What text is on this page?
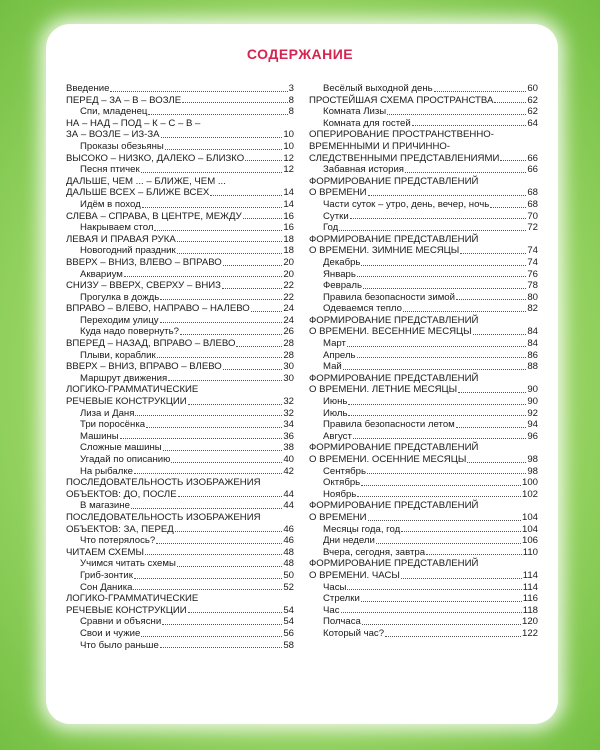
СОДЕРЖАНИЕ
Введение	3
ПЕРЕД – ЗА – В – ВОЗЛЕ	8
Спи, младенец	8
НА – НАД – ПОД – К – С – В –
ЗА – ВОЗЛЕ – ИЗ-ЗА	10
Проказы обезьяны	10
ВЫСОКО – НИЗКО, ДАЛЕКО – БЛИЗКО	12
Песня птичек	12
ДАЛЬШЕ, ЧЕМ ... – БЛИЖЕ, ЧЕМ ...
ДАЛЬШЕ ВСЕХ – БЛИЖЕ ВСЕХ	14
Идём в поход	14
СЛЕВА – СПРАВА, В ЦЕНТРЕ, МЕЖДУ	16
Накрываем стол	16
ЛЕВАЯ И ПРАВАЯ РУКА	18
Новогодний праздник	18
ВВЕРХ – ВНИЗ, ВЛЕВО – ВПРАВО	20
Аквариум	20
СНИЗУ – ВВЕРХ, СВЕРХУ – ВНИЗ	22
Прогулка в дождь	22
ВПРАВО – ВЛЕВО, НАПРАВО – НАЛЕВО	24
Переходим улицу	24
Куда надо повернуть?	26
ВПЕРЕД – НАЗАД, ВПРАВО – ВЛЕВО	28
Плыви, кораблик	28
ВВЕРХ – ВНИЗ, ВПРАВО – ВЛЕВО	30
Маршрут движения	30
ЛОГИКО-ГРАММАТИЧЕСКИЕ
РЕЧЕВЫЕ КОНСТРУКЦИИ	32
Лиза и Даня	32
Три поросёнка	34
Машины	36
Сложные машины	38
Угадай по описанию	40
На рыбалке	42
ПОСЛЕДОВАТЕЛЬНОСТЬ ИЗОБРАЖЕНИЯ
ОБЪЕКТОВ: ДО, ПОСЛЕ	44
В магазине	44
ПОСЛЕДОВАТЕЛЬНОСТЬ ИЗОБРАЖЕНИЯ
ОБЪЕКТОВ: ЗА, ПЕРЕД	46
Что потерялось?	46
ЧИТАЕМ СХЕМЫ	48
Учимся читать схемы	48
Гриб-зонтик	50
Сон Даника	52
ЛОГИКО-ГРАММАТИЧЕСКИЕ
РЕЧЕВЫЕ КОНСТРУКЦИИ	54
Сравни и объясни	54
Свои и чужие	56
Что было раньше	58
Весёлый выходной день	60
ПРОСТЕЙШАЯ СХЕМА ПРОСТРАНСТВА	62
Комната Лизы	62
Комната для гостей	64
ОПЕРИРОВАНИЕ ПРОСТРАНСТВЕННО-
ВРЕМЕННЫМИ И ПРИЧИННО-
СЛЕДСТВЕННЫМИ ПРЕДСТАВЛЕНИЯМИ	66
Забавная история	66
ФОРМИРОВАНИЕ ПРЕДСТАВЛЕНИЙ
О ВРЕМЕНИ	68
Части суток – утро, день, вечер, ночь	68
Сутки	70
Год	72
ФОРМИРОВАНИЕ ПРЕДСТАВЛЕНИЙ
О ВРЕМЕНИ. ЗИМНИЕ МЕСЯЦЫ	74
Декабрь	74
Январь	76
Февраль	78
Правила безопасности зимой	80
Одеваемся тепло	82
ФОРМИРОВАНИЕ ПРЕДСТАВЛЕНИЙ
О ВРЕМЕНИ. ВЕСЕННИЕ МЕСЯЦЫ	84
Март	84
Апрель	86
Май	88
ФОРМИРОВАНИЕ ПРЕДСТАВЛЕНИЙ
О ВРЕМЕНИ. ЛЕТНИЕ МЕСЯЦЫ	90
Июнь	90
Июль	92
Правила безопасности летом	94
Август	96
ФОРМИРОВАНИЕ ПРЕДСТАВЛЕНИЙ
О ВРЕМЕНИ. ОСЕННИЕ МЕСЯЦЫ	98
Сентябрь	98
Октябрь	100
Ноябрь	102
ФОРМИРОВАНИЕ ПРЕДСТАВЛЕНИЙ
О ВРЕМЕНИ	104
Месяцы года, год	104
Дни недели	106
Вчера, сегодня, завтра	110
ФОРМИРОВАНИЕ ПРЕДСТАВЛЕНИЙ
О ВРЕМЕНИ. ЧАСЫ	114
Часы	114
Стрелки	116
Час	118
Полчаса	120
Который час?	122
